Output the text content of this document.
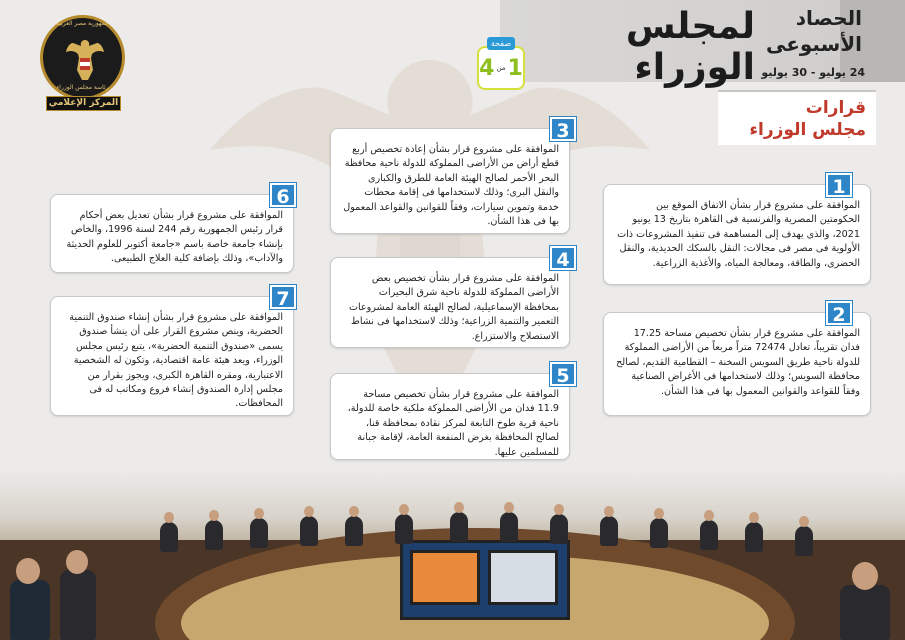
لمجلس الوزراء
الحصاد
الأسبوعى
24 يوليو - 30 يوليو
صفحة
4 من 1
قرارات
مجلس الوزراء
جمهورية مصر العربية
رئاسة مجلس الوزراء
المركز الإعلامي
الموافقة على مشروع قرار بشأن الاتفاق الموقع بين الحكومتين المصرية والفرنسية فى القاهرة بتاريخ 13 يونيو 2021، والذى يهدف إلى المساهمة فى تنفيذ المشروعات ذات الأولوية فى مصر فى مجالات: النقل بالسكك الحديدية، والنقل الحضرى، والطاقة، ومعالجة المياه، والأغذية الزراعية.
1
الموافقة على مشروع قرار بشأن تخصيص مساحة 17.25 فدان تقريباً، تعادل 72474 متراً مربعاً من الأراضى المملوكة للدولة ناحية طريق السويس السخنة – القطامية القديم، لصالح محافظة السويس؛ وذلك لاستخدامها فى الأغراض الصناعية وفقاً للقواعد والقوانين المعمول بها فى هذا الشأن.
2
الموافقة على مشروع قرار بشأن إعادة تخصيص أربع قطع أراض من الأراضى المملوكة للدولة ناحية محافظة البحر الأحمر لصالح الهيئة العامة للطرق والكبارى والنقل البرى؛ وذلك لاستخدامها فى إقامة محطات خدمة وتموين سيارات، وفقاً للقوانين والقواعد المعمول بها فى هذا الشأن.
3
الموافقة على مشروع قرار بشأن تخصيص بعض الأراضى المملوكة للدولة ناحية شرق البحيرات بمحافظة الإسماعيلية، لصالح الهيئة العامة لمشروعات التعمير والتنمية الزراعية؛ وذلك لاستخدامها فى نشاط الاستصلاح والاستزراع.
4
الموافقة على مشروع قرار بشأن تخصيص مساحة 11.9 فدان من الأراضى المملوكة ملكية خاصة للدولة، ناحية قرية طوخ التابعة لمركز نقادة بمحافظة قنا، لصالح المحافظة بغرض المنفعة العامة، لإقامة جبانة للمسلمين عليها.
5
الموافقة على مشروع قرار بشأن تعديل بعض أحكام قرار رئيس الجمهورية رقم 244 لسنة 1996، والخاص بإنشاء جامعة خاصة باسم «جامعة أكتوبر للعلوم الحديثة والآداب»، وذلك بإضافة كلية العلاج الطبيعى.
6
الموافقة على مشروع قرار بشأن إنشاء صندوق التنمية الحضرية، وينص مشروع القرار على أن ينشأ صندوق يسمى «صندوق التنمية الحضرية»، يتبع رئيس مجلس الوزراء، ويعد هيئة عامة اقتصادية، وتكون له الشخصية الاعتبارية، ومقره القاهرة الكبرى، ويجوز بقرار من مجلس إدارة الصندوق إنشاء فروع ومكاتب له فى المحافظات.
7
